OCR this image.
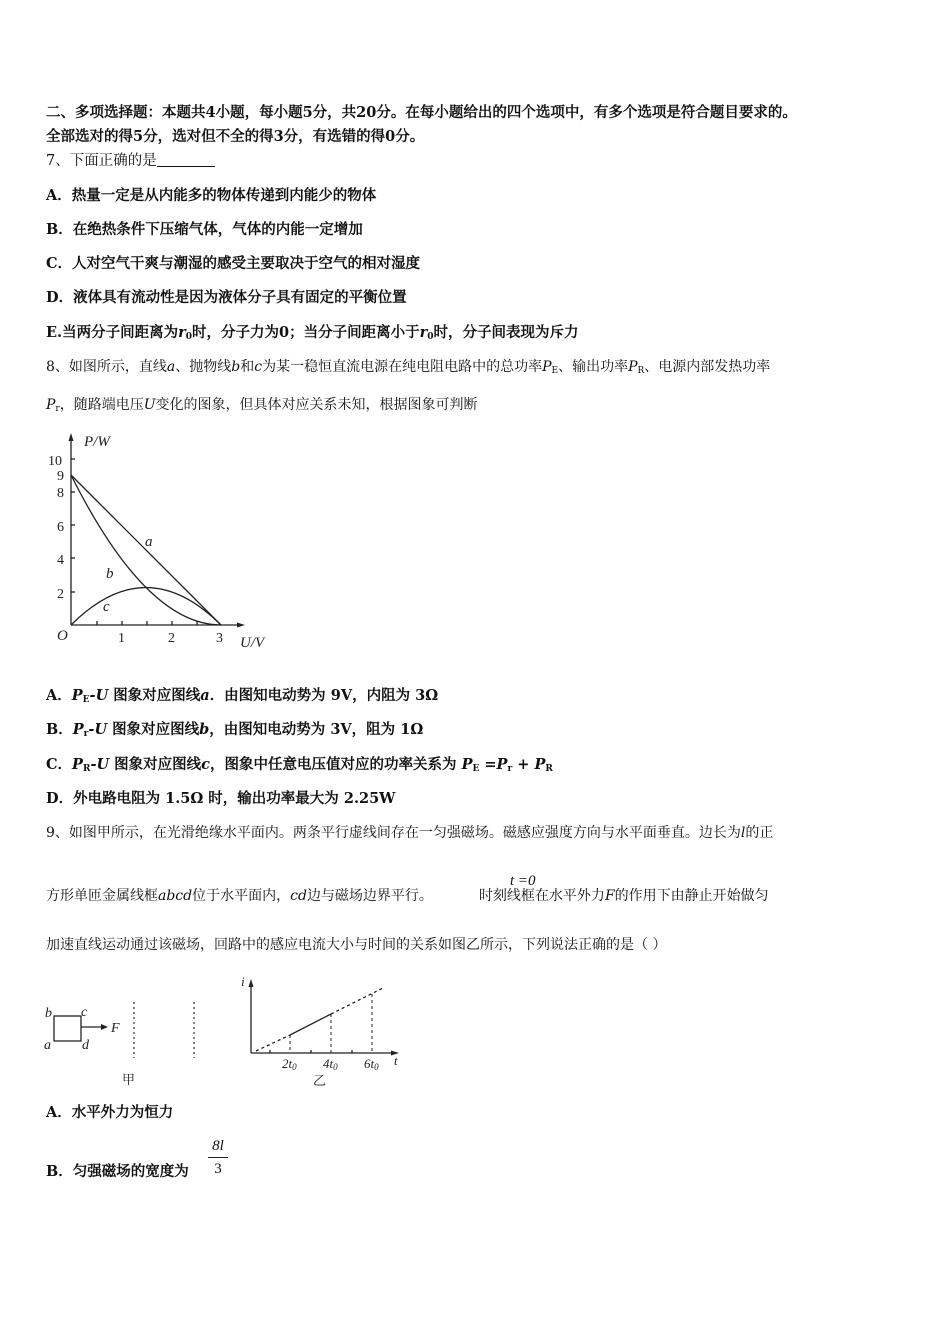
二、多项选择题：本题共4小题，每小题5分，共20分。在每小题给出的四个选项中，有多个选项是符合题目要求的。
全部选对的得5分，选对但不全的得3分，有选错的得0分。
7、下面正确的是
A．热量一定是从内能多的物体传递到内能少的物体
B．在绝热条件下压缩气体，气体的内能一定增加
C．人对空气干爽与潮湿的感受主要取决于空气的相对湿度
D．液体具有流动性是因为液体分子具有固定的平衡位置
E.当两分子间距离为$r_0$时，分子力为0；当分子间距离小于$r_0$时，分子间表现为斥力
8、如图所示，直线a、抛物线b和c为某一稳恒直流电源在纯电阻电路中的总功率$P_E$、输出功率$P_R$、电源内部发热功率
$P_r$，随路端电压U变化的图象，但具体对应关系未知，根据图象可判断
P/W
10
9
8
6
4
2
O	1	2	3 U/V
a
b
c
A．$P_E-U$ 图象对应图线a．由图知电动势为 9V，内阻为 3Ω
B．$P_r-U$ 图象对应图线b，由图知电动势为 3V，阻为 1Ω
C．$P_R-U$ 图象对应图线c，图象中任意电压值对应的功率关系为 $P_E =P_r + P_R$
D．外电路电阻为 1.5Ω 时，输出功率最大为 2.25W
9、如图甲所示，在光滑绝缘水平面内。两条平行虚线间存在一匀强磁场。磁感应强度方向与水平面垂直。边长为l的正
t =0
方形单匝金属线框abcd位于水平面内，cd边与磁场边界平行。	时刻线框在水平外力F的作用下由静止开始做匀
加速直线运动通过该磁场，回路中的感应电流大小与时间的关系如图乙所示，下列说法正确的是（ ）
b c
a d
F
甲
i
t
2t0 4t0 6t0
乙
A．水平外力为恒力
B．匀强磁场的宽度为 $\frac{8l}{3}$
